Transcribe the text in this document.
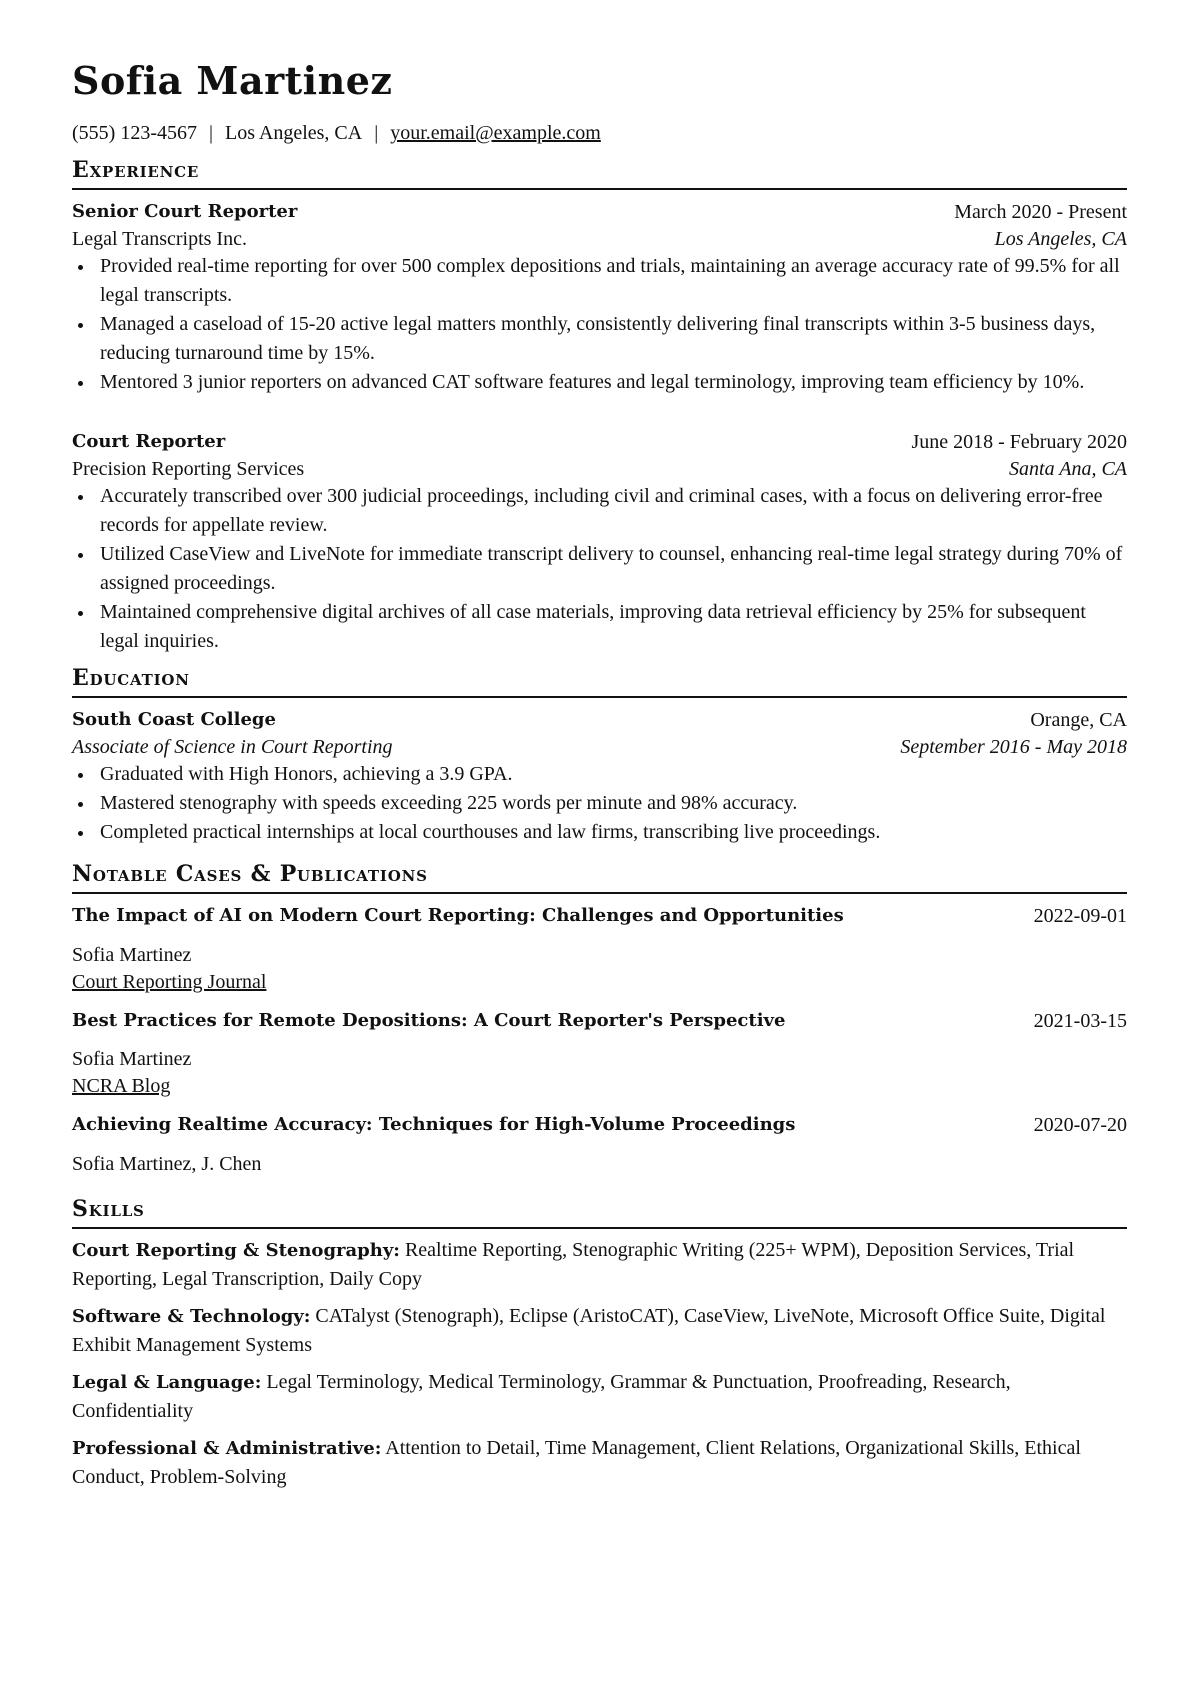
Sofia Martinez
(555) 123-4567 | Los Angeles, CA | your.email@example.com
Experience
Senior Court Reporter	March 2020 - Present
Legal Transcripts Inc.	Los Angeles, CA
Provided real-time reporting for over 500 complex depositions and trials, maintaining an average accuracy rate of 99.5% for all legal transcripts.
Managed a caseload of 15-20 active legal matters monthly, consistently delivering final transcripts within 3-5 business days, reducing turnaround time by 15%.
Mentored 3 junior reporters on advanced CAT software features and legal terminology, improving team efficiency by 10%.
Court Reporter	June 2018 - February 2020
Precision Reporting Services	Santa Ana, CA
Accurately transcribed over 300 judicial proceedings, including civil and criminal cases, with a focus on delivering error-free records for appellate review.
Utilized CaseView and LiveNote for immediate transcript delivery to counsel, enhancing real-time legal strategy during 70% of assigned proceedings.
Maintained comprehensive digital archives of all case materials, improving data retrieval efficiency by 25% for subsequent legal inquiries.
Education
South Coast College	Orange, CA
Associate of Science in Court Reporting	September 2016 - May 2018
Graduated with High Honors, achieving a 3.9 GPA.
Mastered stenography with speeds exceeding 225 words per minute and 98% accuracy.
Completed practical internships at local courthouses and law firms, transcribing live proceedings.
Notable Cases & Publications
The Impact of AI on Modern Court Reporting: Challenges and Opportunities	2022-09-01
Sofia Martinez
Court Reporting Journal
Best Practices for Remote Depositions: A Court Reporter's Perspective	2021-03-15
Sofia Martinez
NCRA Blog
Achieving Realtime Accuracy: Techniques for High-Volume Proceedings	2020-07-20
Sofia Martinez, J. Chen
Skills
Court Reporting & Stenography: Realtime Reporting, Stenographic Writing (225+ WPM), Deposition Services, Trial Reporting, Legal Transcription, Daily Copy
Software & Technology: CATalyst (Stenograph), Eclipse (AristoCAT), CaseView, LiveNote, Microsoft Office Suite, Digital Exhibit Management Systems
Legal & Language: Legal Terminology, Medical Terminology, Grammar & Punctuation, Proofreading, Research, Confidentiality
Professional & Administrative: Attention to Detail, Time Management, Client Relations, Organizational Skills, Ethical Conduct, Problem-Solving
